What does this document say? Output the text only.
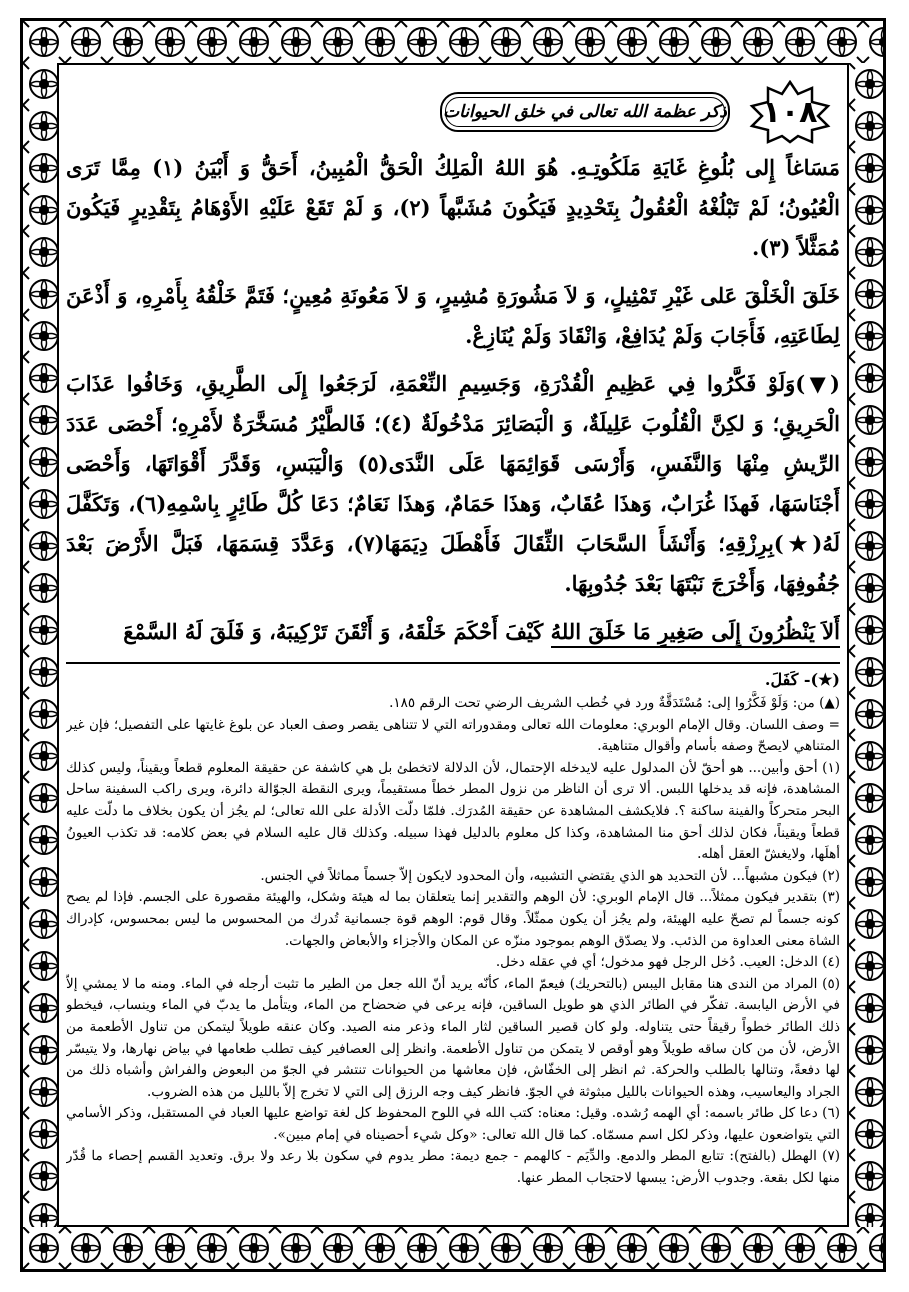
١٠٨
ذكر عظمة الله تعالى في خلق الحيوانات

مَسَاغاً إِلى بُلُوغِ غَايَةِ مَلَكُوتِـهِ. هُوَ اللهُ الْمَلِكُ الْحَقُّ الْمُبِينُ، أَحَقُّ وَ أَبْيَنُ (١) مِمَّا تَرَى الْعُيُونُ؛ لَمْ تَبْلُغْهُ الْعُقُولُ بِتَحْدِيدٍ فَيَكُونَ مُشَبَّهاً (٢)، وَ لَمْ تَقَعْ عَلَيْهِ الأَوْهَامُ بِتَقْدِيرٍ فَيَكُونَ مُمَثَّلاً (٣).

خَلَقَ الْخَلْقَ عَلى غَيْرِ تَمْثِيلٍ، وَ لاَ مَشُورَةِ مُشِيرٍ، وَ لاَ مَعُونَةِ مُعِينٍ؛ فَتَمَّ خَلْقُهُ بِأَمْرِهِ، وَ أَذْعَنَ لِطَاعَتِهِ، فَأَجَابَ وَلَمْ يُدَافِعْ، وَانْقَادَ وَلَمْ يُنَازِعْ.

(▼)وَلَوْ فَكَّرُوا فِي عَظِيمِ الْقُدْرَةِ، وَجَسِيمِ النِّعْمَةِ، لَرَجَعُوا إِلَى الطَّرِيقِ، وَخَافُوا عَذَابَ الْحَرِيقِ؛ وَ لكِنَّ الْقُلُوبَ عَلِيلَةٌ، وَ الْبَصَائِرَ مَدْخُولَةٌ (٤)؛ فَالطَّيْرُ مُسَخَّرَةٌ لأَمْرِهِ؛ أَحْصَى عَدَدَ الرِّيشِ مِنْهَا وَالنَّفَسِ، وَأَرْسَى قَوَائِمَهَا عَلَى النَّدَى(٥) وَالْيَبَسِ، وَقَدَّرَ أَقْوَاتَهَا، وَأَحْصَى أَجْنَاسَهَا، فَهذَا غُرَابٌ، وَهذَا عُقَابٌ، وَهذَا حَمَامٌ، وَهذَا نَعَامٌ؛ دَعَا كُلَّ طَائِرٍ بِاسْمِهِ(٦)، وَتَكَفَّلَ لَهُ(★)بِرِزْقِهِ؛ وَأَنْشَأَ السَّحَابَ الثِّقَالَ فَأَهْطَلَ دِيَمَهَا(٧)، وَعَدَّدَ قِسَمَهَا، فَبَلَّ الأَرْضَ بَعْدَ جُفُوفِهَا، وَأَخْرَجَ نَبْتَهَا بَعْدَ جُدُوبِهَا.

أَلاَ يَنْظُرُونَ إِلَى صَغِيرِ مَا خَلَقَ اللهُ كَيْفَ أَحْكَمَ خَلْقَهُ، وَ أَتْقَنَ تَرْكِيبَهُ، وَ فَلَقَ لَهُ السَّمْعَ

(★)- كَفَلَ.

(▲) من: وَلَوْ فَكَّرُوا إلى: مُسْتَدَقَّةٌ ورد في خُطب الشريف الرضي تحت الرقم ١٨٥.

= وصف اللسان. وقال الإمام الوبري: معلومات الله تعالى ومقدوراته التي لا تتناهى يقصر وصف العباد عن بلوغ غايتها على التفصيل؛ فإن غير المتناهي لايصحّ وصفه بأسام وأقوال متناهية.

(١) أحق وأبين... هو أحقّ لأن المدلول عليه لايدخله الإحتمال، لأن الدلالة لاتخطئ بل هي كاشفة عن حقيقة المعلوم قطعاً ويقيناً، وليس كذلك المشاهدة، فإنه قد يدخلها اللبس. ألا ترى أن الناظر من نزول المطر خطاً مستقيماً، ويرى النقطة الجوّالة دائرة، ويرى راكب السفينة ساحل البحر متحركاً والفينة ساكنة ؟. فلايكشف المشاهدة عن حقيقة المُدرَك. فلمّا دلّت الأدلة على الله تعالى؛ لم يجُز أن يكون بخلاف ما دلّت عليه قطعاً ويقيناً، فكان لذلك أحق منا المشاهدة، وكذا كل معلوم بالدليل فهذا سبيله. وكذلك قال عليه السلام في بعض كلامه: قد تكذب العيونُ أهلَها، ولايغشّ العقل أهله.

(٢) فيكون مشبهاً... لأن التحديد هو الذي يقتضي التشبيه، وأن المحدود لايكون إلاّ جسماً مماثلاً في الجنس.

(٣) بتقدير فيكون ممثلاً... قال الإمام الوبري: لأن الوهم والتقدير إنما يتعلقان بما له هيئة وشكل، والهيئة مقصورة على الجسم. فإذا لم يصح كونه جسماً لم تصحّ عليه الهيئة، ولم يجُز أن يكون ممثّلاً. وقال قوم: الوهم قوة جسمانية تُدرك من المحسوس ما ليس بمحسوس، كإدراك الشاة معنى العداوة من الذئب. ولا يصدّق الوهم بموجود منزّه عن المكان والأجزاء والأبعاض والجهات.

(٤) الدخل: العيب. دُخل الرجل فهو مدخول؛ أي في عقله دخل.

(٥) المراد من الندى هنا مقابل اليبس (بالتحريك) فيعمّ الماء، كأنّه يريد أنّ الله جعل من الطير ما تثبت أرجله في الماء. ومنه ما لا يمشي إلاّ في الأرض اليابسة. تفكّر في الطائر الذي هو طويل الساقين، فإنه يرعى في ضحضاح من الماء، ويتأمل ما يدبّ في الماء وينساب، فيخطو ذلك الطائر خطواً رقيقاً حتى يتناوله. ولو كان قصير الساقين لثار الماء وذعر منه الصيد. وكان عنقه طويلاً ليتمكن من تناول الأطعمة من الأرض، لأن من كان ساقه طويلاً وهو أوقص لا يتمكن من تناول الأطعمة. وانظر إلى العصافير كيف تطلب طعامها في بياض نهارها، ولا يتيسّر لها دفعةً، وتنالها بالطلب والحركة. ثم انظر إلى الخفّاش، فإن معاشها من الحيوانات تنتشر في الجوّ من البعوض والفراش وأشباه ذلك من الجراد واليعاسيب، وهذه الحيوانات بالليل مبثوثة في الجوّ. فانظر كيف وجه الرزق إلى التي لا تخرج إلاّ بالليل من هذه الضروب.

(٦) دعا كل طائر باسمه: أي الهمه رُشده. وقيل: معناه: كتب الله في اللوح المحفوظ كل لغة تواضع عليها العباد في المستقبل، وذكر الأسامي التي يتواضعون عليها، وذكر لكل اسم مسمّاه. كما قال الله تعالى: «وكل شيء أحصيناه في إمام مبين».

(٧) الهطل (بالفتح): تتابع المطر والدمع. والدِّيَم - كالهمم - جمع ديمة: مطر يدوم في سكون بلا رعد ولا برق. وتعديد القسم إحصاء ما قُدّر منها لكل بقعة. وجدوب الأرض: يبسها لاحتجاب المطر عنها.
